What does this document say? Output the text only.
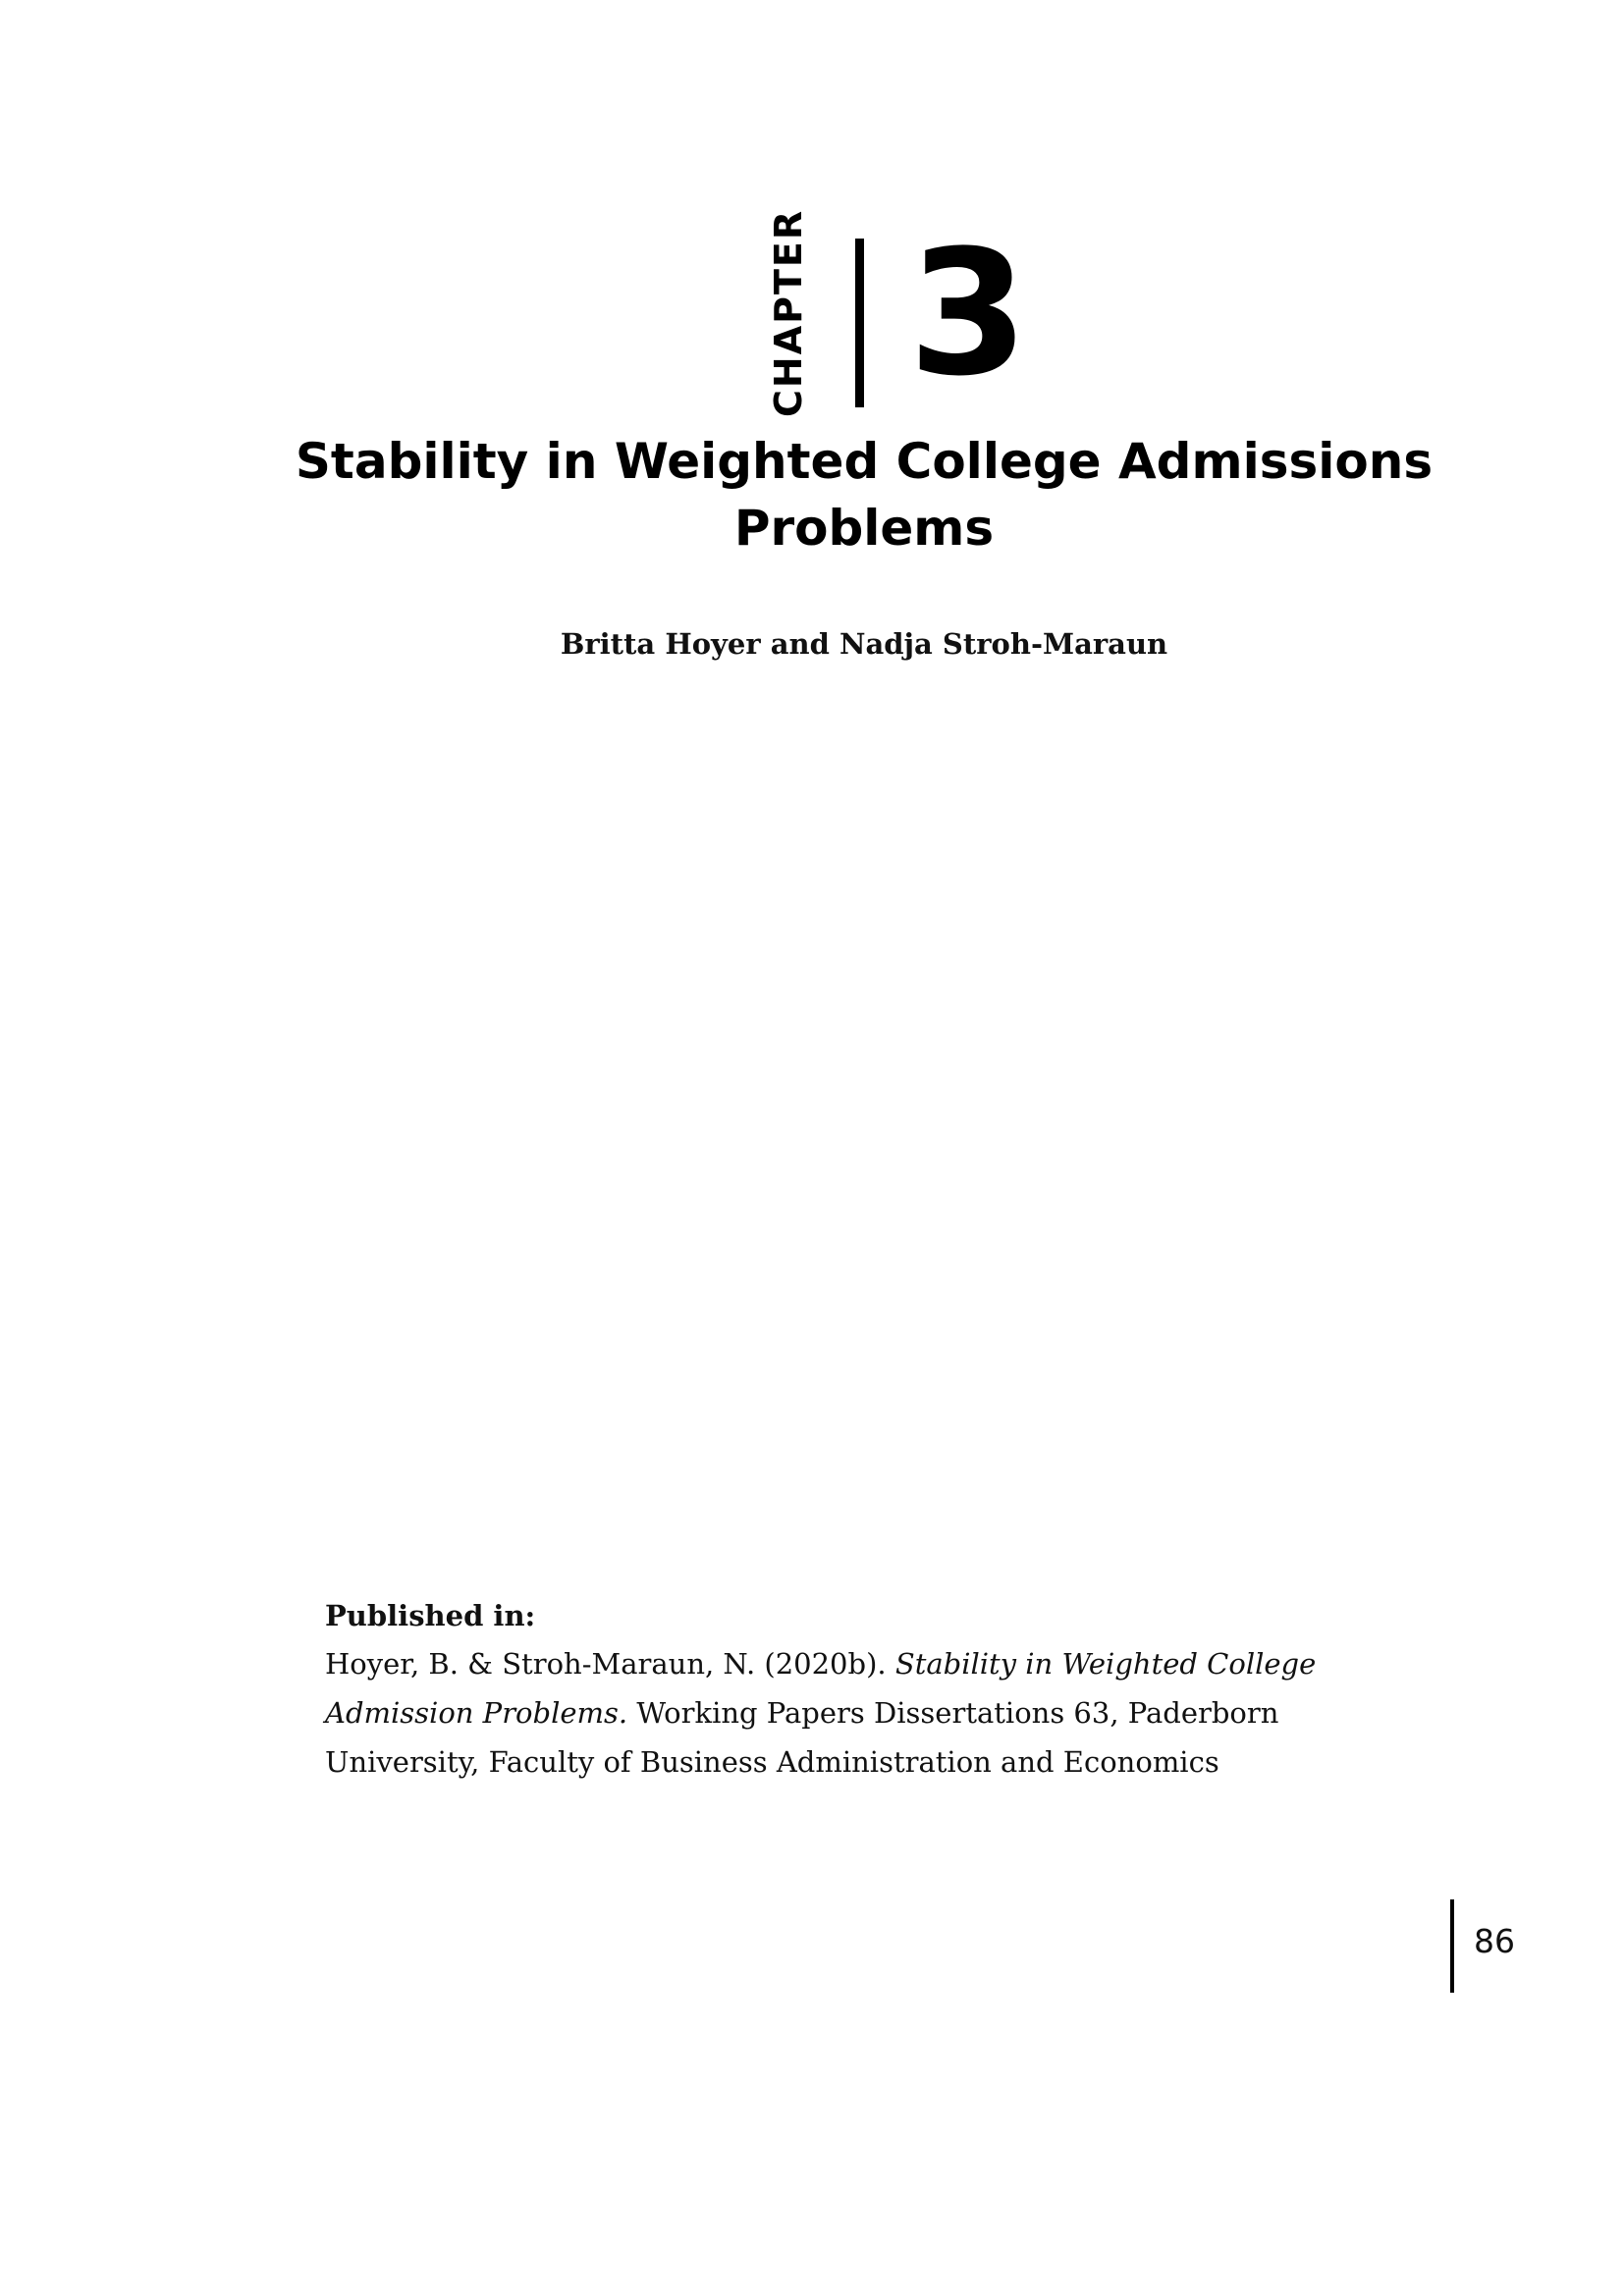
CHAPTER 3
Stability in Weighted College Admissions
Problems
Britta Hoyer and Nadja Stroh-Maraun
Published in:
Hoyer, B. & Stroh-Maraun, N. (2020b). Stability in Weighted College Admission Problems. Working Papers Dissertations 63, Paderborn University, Faculty of Business Administration and Economics
86
